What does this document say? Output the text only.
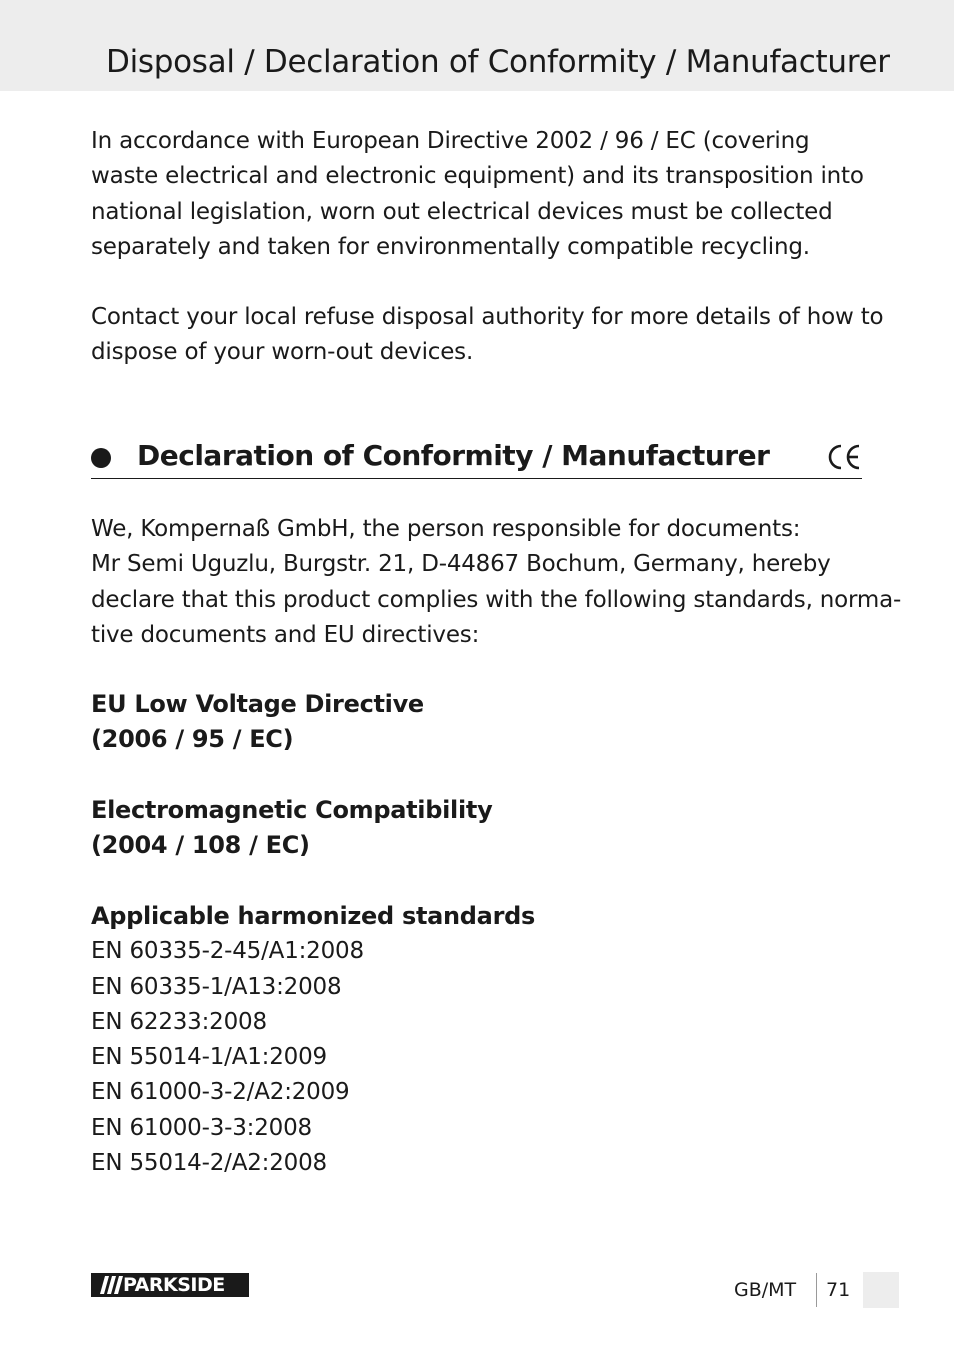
Disposal / Declaration of Conformity / Manufacturer

In accordance with European Directive 2002 / 96 / EC (covering
waste electrical and electronic equipment) and its transposition into
national legislation, worn out electrical devices must be collected
separately and taken for environmentally compatible recycling.

Contact your local refuse disposal authority for more details of how to
dispose of your worn-out devices.

Declaration of Conformity / Manufacturer

We, Kompernaß GmbH, the person responsible for documents:
Mr Semi Uguzlu, Burgstr. 21, D-44867 Bochum, Germany, hereby
declare that this product complies with the following standards, norma-
tive documents and EU directives:

EU Low Voltage Directive
(2006 / 95 / EC)
Electromagnetic Compatibility
(2004 / 108 / EC)
Applicable harmonized standards
EN 60335-2-45/A1:2008
EN 60335-1/A13:2008
EN 62233:2008
EN 55014-1/A1:2009
EN 61000-3-2/A2:2009
EN 61000-3-3:2008
EN 55014-2/A2:2008
PARKSIDE	GB/MT 71
